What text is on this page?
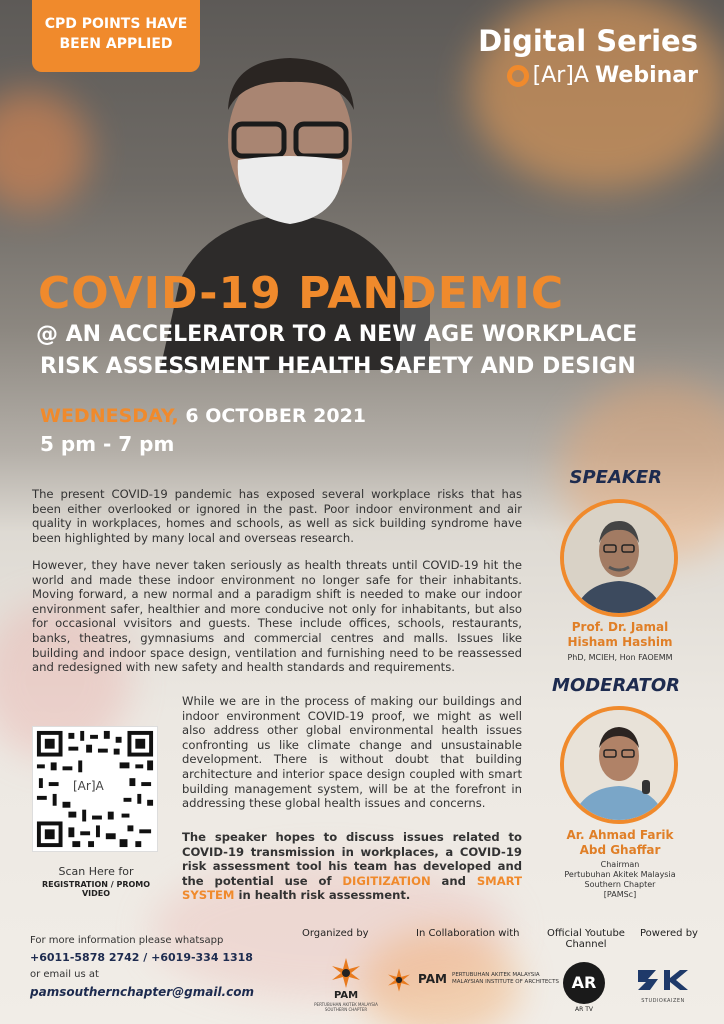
CPD POINTS HAVE
BEEN APPLIED	Digital Series
[Ar]A Webinar
COVID-19 PANDEMIC
@ AN ACCELERATOR TO A NEW AGE WORKPLACE
RISK ASSESSMENT HEALTH SAFETY AND DESIGN
WEDNESDAY, 6 OCTOBER 2021
5 pm - 7 pm

The present COVID-19 pandemic has exposed several workplace risks that has been either overlooked or ignored in the past. Poor indoor environment and air quality in workplaces, homes and schools, as well as sick building syndrome have been highlighted by many local and overseas research.

However, they have never taken seriously as health threats until COVID-19 hit the world and made these indoor environment no longer safe for their inhabitants. Moving forward, a new normal and a paradigm shift is needed to make our indoor environment safer, healthier and more conducive not only for inhabitants, but also for occasional vvisitors and guests. These include offices, schools, restaurants, banks, theatres, gymnasiums and commercial centres and malls. Issues like building and indoor space design, ventilation and furnishing need to be reassessed and redesigned with new safety and health standards and requirements.

While we are in the process of making our buildings and indoor environment COVID-19 proof, we might as well also address other global environmental health issues confronting us like climate change and unsustainable development. There is without doubt that building architecture and interior space design coupled with smart building management system, will be at the forefront in addressing these global health issues and concerns.

The speaker hopes to discuss issues related to COVID-19 transmission in workplaces, a COVID-19 risk assessment tool his team has developed and the potential use of DIGITIZATION and SMART SYSTEM in health risk assessment.

[Ar]A
Scan Here for
REGISTRATION / PROMO VIDEO
SPEAKER
Prof. Dr. Jamal
Hisham Hashim
PhD, MCIEH, Hon FAOEMM
MODERATOR
Ar. Ahmad Farik
Abd Ghaffar
Chairman
Pertubuhan Akitek Malaysia
Southern Chapter
[PAMSc]
For more information please whatsapp
+6011-5878 2742 / +6019-334 1318
or email us at
pamsouthernchapter@gmail.com
Organized by	In Collaboration with	Official Youtube Channel
Powered by
PAM
PERTUBUHAN AKITEK MALAYSIA SOUTHERN CHAPTER
PAM PERTUBUHAN AKITEK MALAYSIA
MALAYSIAN INSTITUTE OF ARCHITECTS AR
AR TV
STUDIOKAIZEN
